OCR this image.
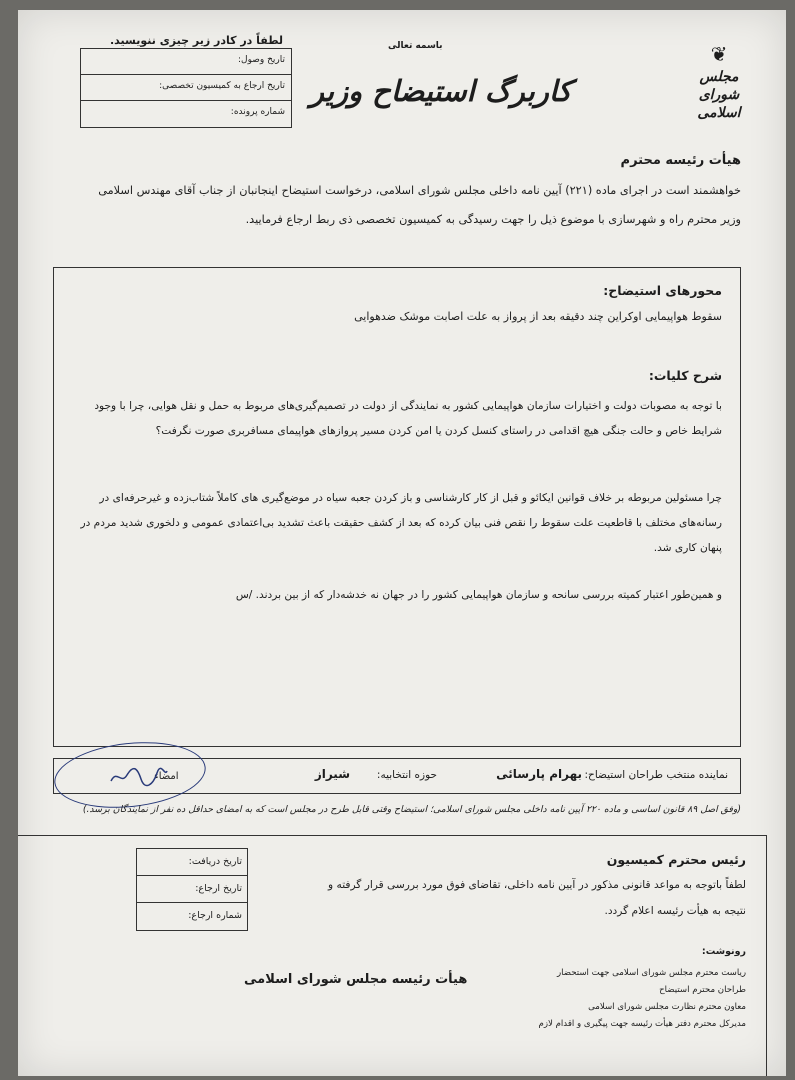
❦
مجلس شورای اسلامی
باسمه تعالی
کاربرگ استیضاح وزیر
لطفاً در کادر زیر چیزی ننویسید.
تاریخ وصول:
تاریخ ارجاع به کمیسیون تخصصی:
شماره پرونده:
هیأت رئیسه محترم
خواهشمند است در اجرای ماده (۲۲۱) آیین نامه داخلی مجلس شورای اسلامی، درخواست استیضاح اینجانبان از جناب آقای مهندس اسلامی وزیر محترم راه و شهرسازی با موضوع ذیل را جهت رسیدگی به کمیسیون تخصصی ذی ربط ارجاع فرمایید.
محورهای استیضاح:
سقوط هواپیمایی اوکراین چند دقیقه بعد از پرواز به علت اصابت موشک ضدهوایی
شرح کلیات:
با توجه به مصوبات دولت و اختیارات سازمان هواپیمایی کشور به نمایندگی از دولت در تصمیم‌گیری‌های مربوط به حمل و نقل هوایی، چرا با وجود شرایط خاص و حالت جنگی هیچ اقدامی در راستای کنسل کردن یا امن کردن مسیر پروازهای هواپیمای مسافربری صورت نگرفت؟
چرا مسئولین مربوطه بر خلاف قوانین ایکائو و قبل از کار کارشناسی و باز کردن جعبه سیاه در موضع‌گیری های کاملاً شتاب‌زده و غیرحرفه‌ای در رسانه‌های مختلف با قاطعیت علت سقوط را نقص فنی بیان کرده که بعد از کشف حقیقت باعث تشدید بی‌اعتمادی عمومی و دلخوری شدید مردم در پنهان کاری شد.
و همین‌طور اعتبار کمیته بررسی سانحه و سازمان هواپیمایی کشور را در جهان نه خدشه‌دار که از بین بردند. /س
نماینده منتخب طراحان استیضاح:
بهرام پارسائی
حوزه انتخابیه:
شیراز
امضاء
(وفق اصل ۸۹ قانون اساسی و ماده ۲۲۰ آیین نامه داخلی مجلس شورای اسلامی؛ استیضاح وقتی قابل طرح در مجلس است که به امضای حداقل ده نفر از نمایندگان برسد.)
تاریخ دریافت:
تاریخ ارجاع:
شماره ارجاع:
رئیس محترم کمیسیون
لطفاً باتوجه به مواعد قانونی مذکور در آیین نامه داخلی، تقاضای فوق مورد بررسی قرار گرفته و نتیجه به هیأت رئیسه اعلام گردد.
رونوشت:
ریاست محترم مجلس شورای اسلامی جهت استحضار
طراحان محترم استیضاح
معاون محترم نظارت مجلس شورای اسلامی
مدیرکل محترم دفتر هیأت رئیسه جهت پیگیری و اقدام لازم
هیأت رئیسه مجلس شورای اسلامی
